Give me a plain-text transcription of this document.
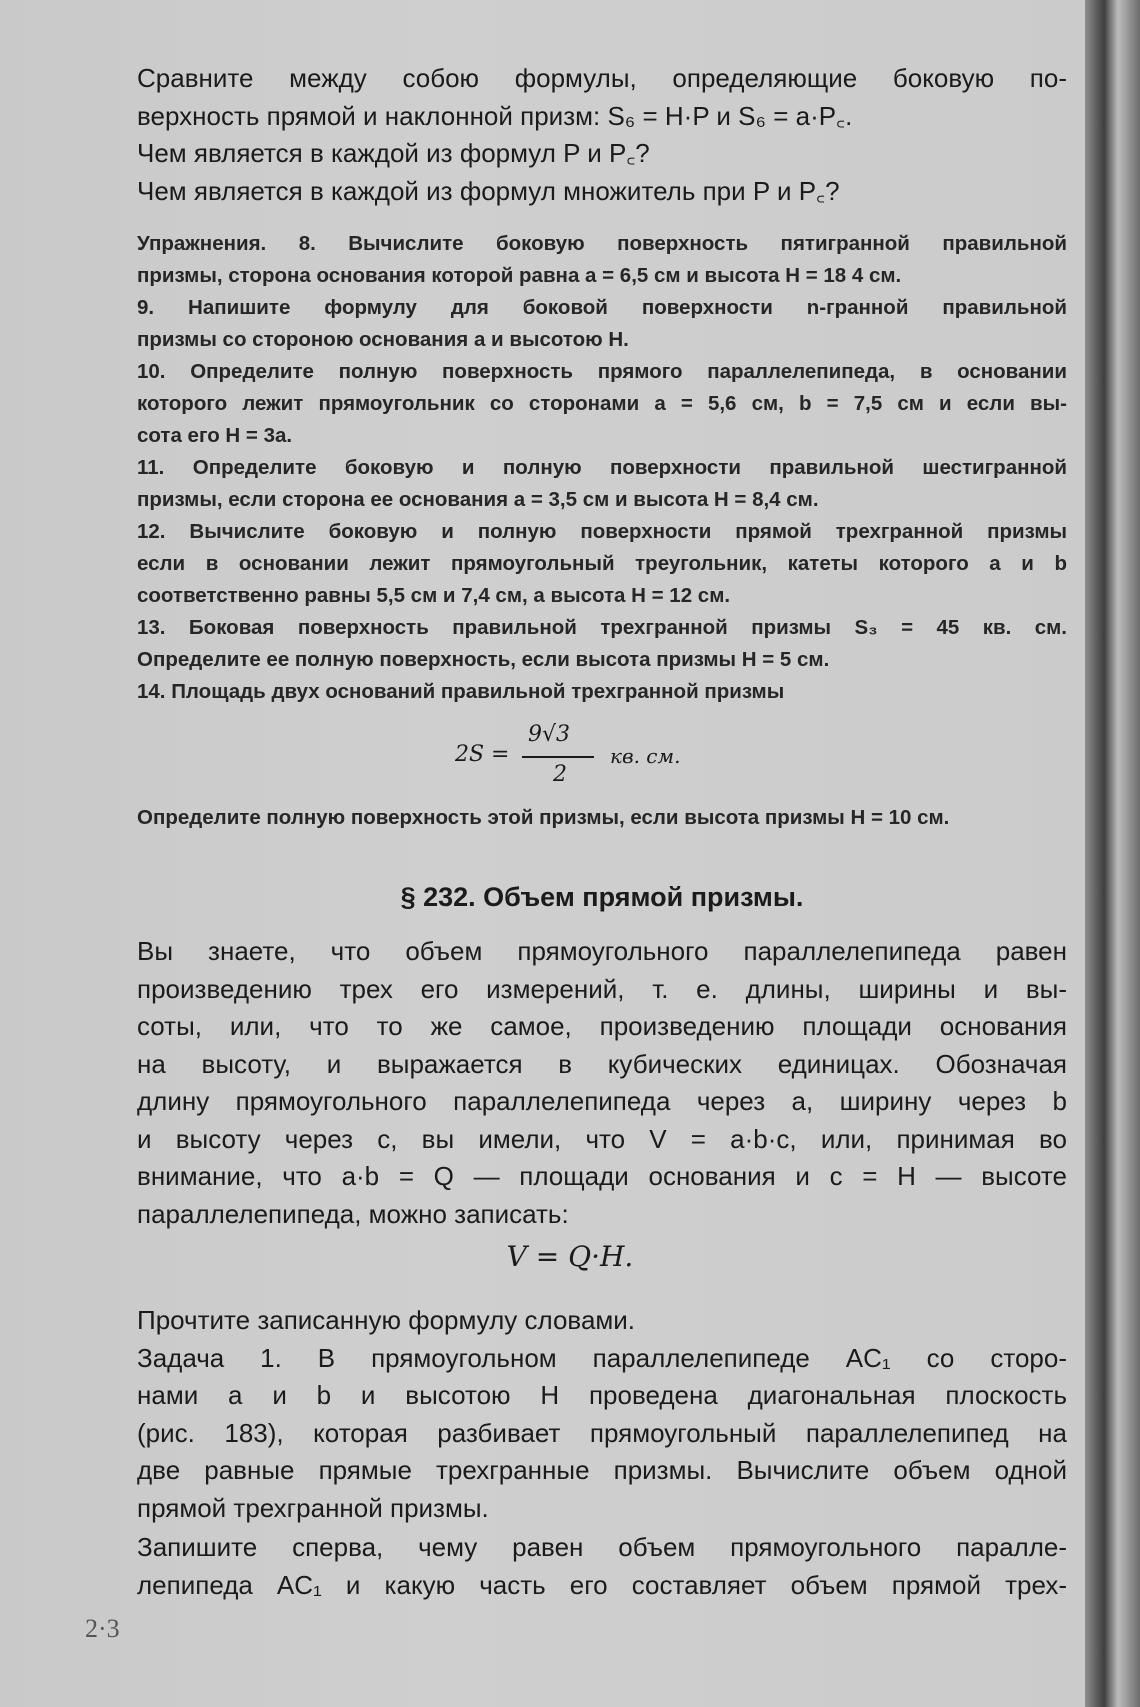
Сравните между собою формулы, определяющие боковую по-
верхность прямой и наклонной призм: S₆ = H·P и S₆ = a·P꜀.
Чем является в каждой из формул P и P꜀?
Чем является в каждой из формул множитель при P и P꜀?
Упражнения. 8. Вычислите боковую поверхность пятигранной правильной
призмы, сторона основания которой равна a = 6,5 см и высота H = 18 4 см.
9. Напишите формулу для боковой поверхности n-гранной правильной
призмы со стороною основания a и высотою H.
10. Определите полную поверхность прямого параллелепипеда, в основании
которого лежит прямоугольник со сторонами a = 5,6 см, b = 7,5 см и если вы-
сота его H = 3a.
11. Определите боковую и полную поверхности правильной шестигранной
призмы, если сторона ее основания a = 3,5 см и высота H = 8,4 см.
12. Вычислите боковую и полную поверхности прямой трехгранной призмы
если в основании лежит прямоугольный треугольник, катеты которого a и b
соответственно равны 5,5 см и 7,4 см, а высота H = 12 см.
13. Боковая поверхность правильной трехгранной призмы S₃ = 45 кв. см.
Определите ее полную поверхность, если высота призмы H = 5 см.
14. Площадь двух оснований правильной трехгранной призмы
2S =
9√3
2
кв. см.
Определите полную поверхность этой призмы, если высота призмы H = 10 см.
§ 232. Объем прямой призмы.
Вы знаете, что объем прямоугольного параллелепипеда равен
произведению трех его измерений, т. е. длины, ширины и вы-
соты, или, что то же самое, произведению площади основания
на высоту, и выражается в кубических единицах. Обозначая
длину прямоугольного параллелепипеда через a, ширину через b
и высоту через c, вы имели, что V = a·b·c, или, принимая во
внимание, что a·b = Q — площади основания и c = H — высоте
параллелепипеда, можно записать:
V = Q·H.
Прочтите записанную формулу словами.
Задача 1. В прямоугольном параллелепипеде AC₁ со сторо-
нами a и b и высотою H проведена диагональная плоскость
(рис. 183), которая разбивает прямоугольный параллелепипед на
две равные прямые трехгранные призмы. Вычислите объем одной
прямой трехгранной призмы.
Запишите сперва, чему равен объем прямоугольного паралле-
лепипеда AC₁ и какую часть его составляет объем прямой трех-
2·3
